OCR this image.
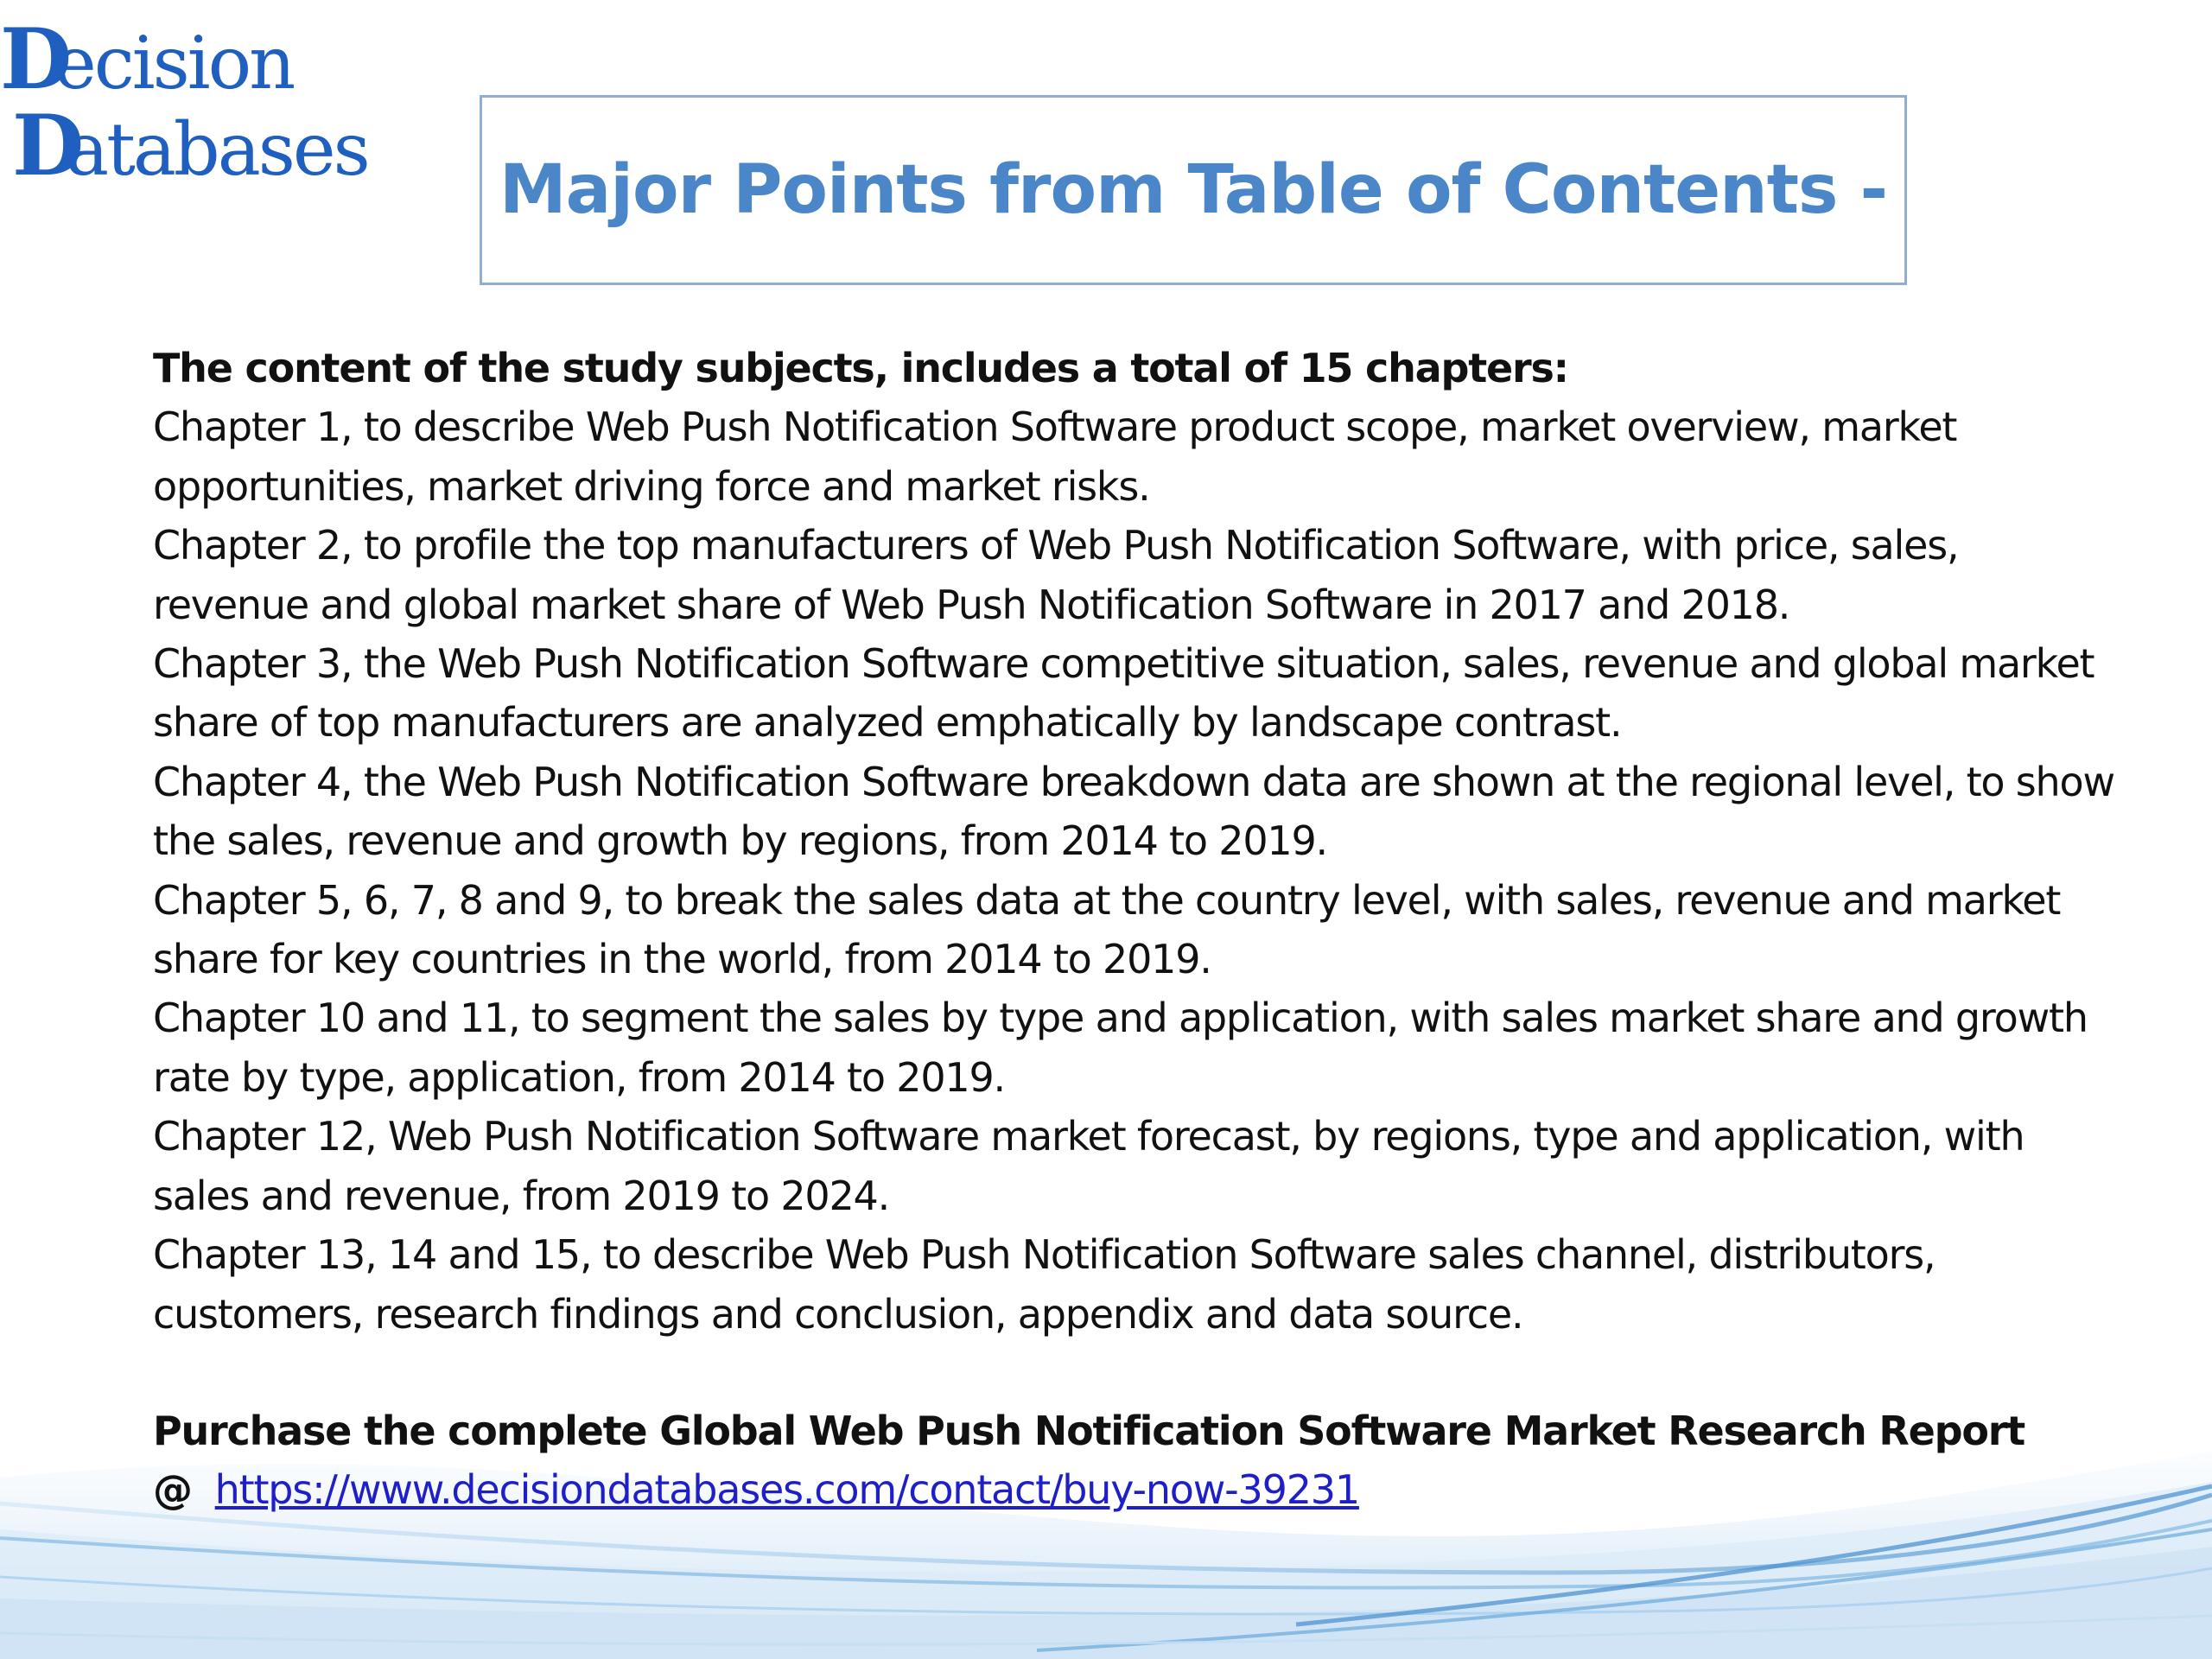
D
ecision
D
atabases Major Points from Table of Contents -

The content of the study subjects, includes a total of 15 chapters:

Chapter 1, to describe Web Push Notification Software product scope, market overview, market opportunities, market driving force and market risks.

Chapter 2, to profile the top manufacturers of Web Push Notification Software, with price, sales, revenue and global market share of Web Push Notification Software in 2017 and 2018.

Chapter 3, the Web Push Notification Software competitive situation, sales, revenue and global market share of top manufacturers are analyzed emphatically by landscape contrast.

Chapter 4, the Web Push Notification Software breakdown data are shown at the regional level, to show the sales, revenue and growth by regions, from 2014 to 2019.

Chapter 5, 6, 7, 8 and 9, to break the sales data at the country level, with sales, revenue and market share for key countries in the world, from 2014 to 2019.

Chapter 10 and 11, to segment the sales by type and application, with sales market share and growth rate by type, application, from 2014 to 2019.

Chapter 12, Web Push Notification Software market forecast, by regions, type and application, with sales and revenue, from 2019 to 2024.

Chapter 13, 14 and 15, to describe Web Push Notification Software sales channel, distributors, customers, research findings and conclusion, appendix and data source.

Purchase the complete Global Web Push Notification Software Market Research Report
@ https://www.decisiondatabases.com/contact/buy-now-39231
